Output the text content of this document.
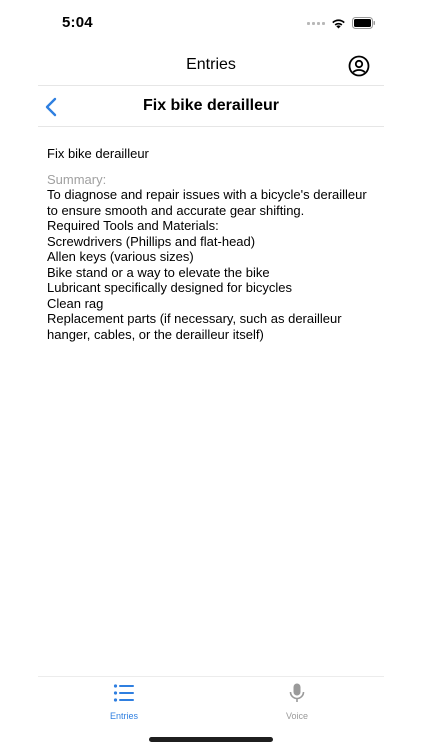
5:04
Entries
Fix bike derailleur
Fix bike derailleur
Summary:
To diagnose and repair issues with a bicycle's derailleur to ensure smooth and accurate gear shifting.
Required Tools and Materials:
Screwdrivers (Phillips and flat-head)
Allen keys (various sizes)
Bike stand or a way to elevate the bike
Lubricant specifically designed for bicycles
Clean rag
Replacement parts (if necessary, such as derailleur hanger, cables, or the derailleur itself)
Entries	Voice
